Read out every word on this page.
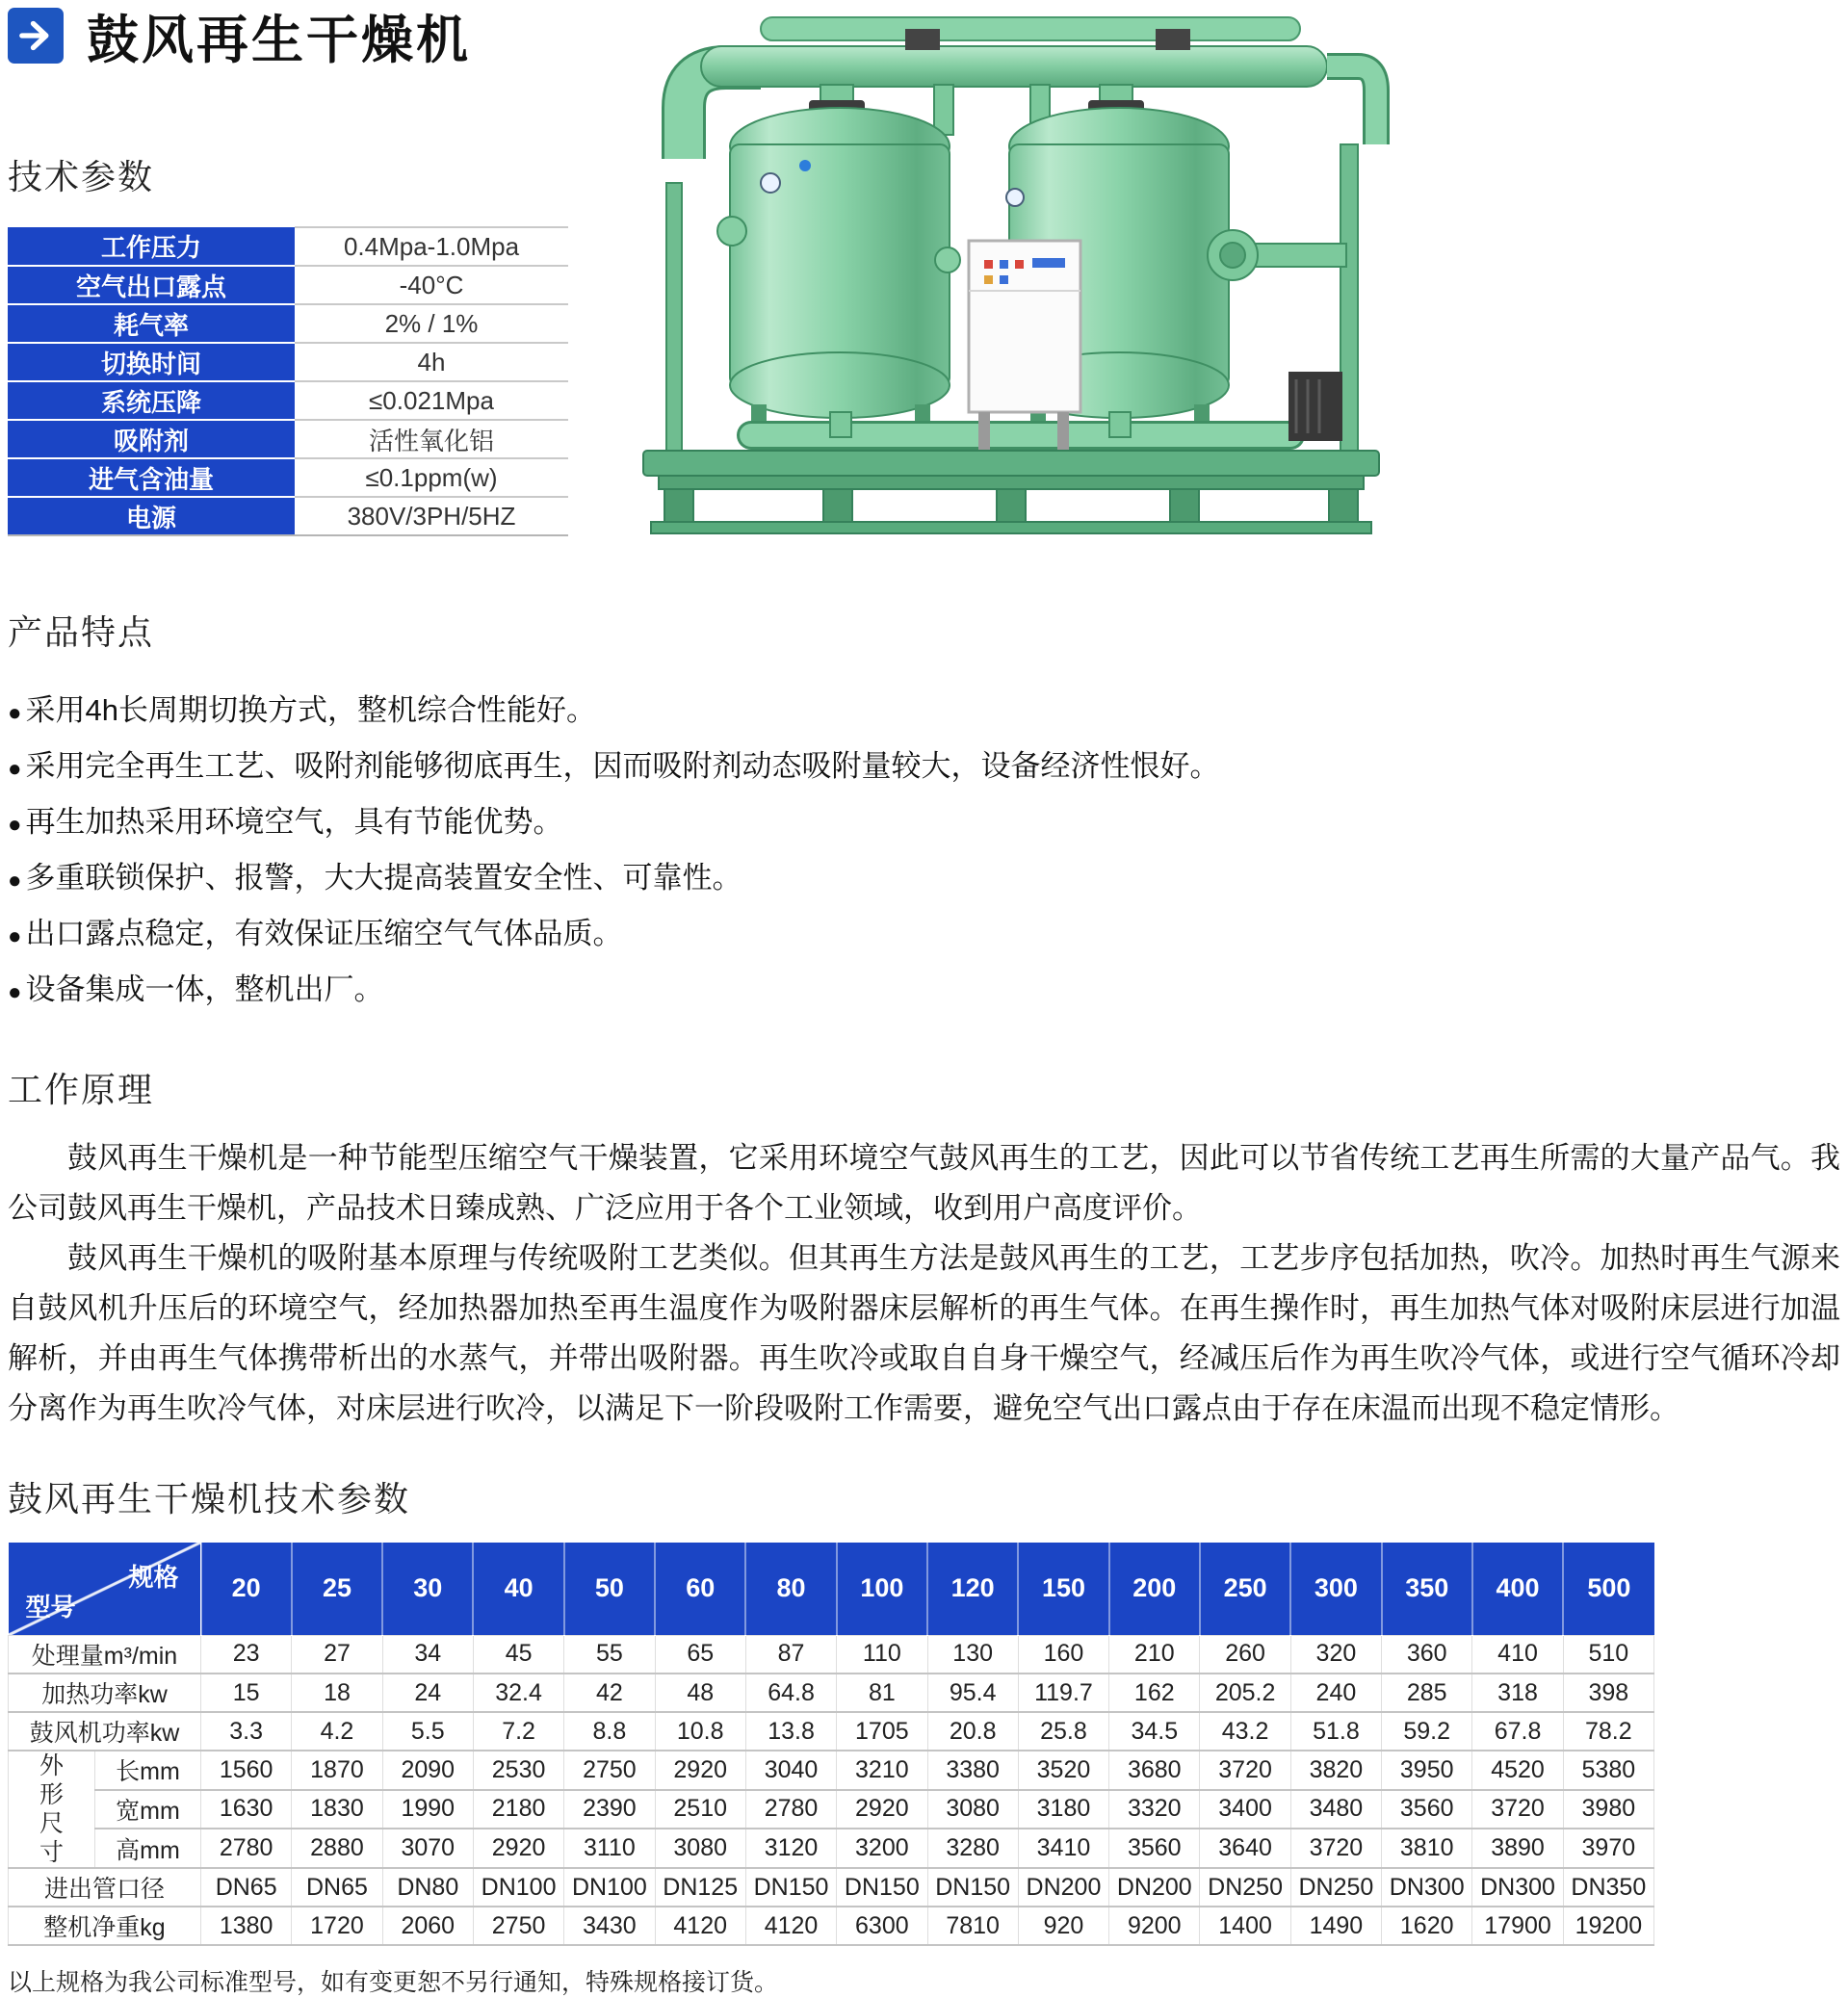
鼓风再生干燥机
技术参数
工作压力	0.4Mpa-1.0Mpa
空气出口露点	-40°C
耗气率	2% / 1%
切换时间	4h
系统压降	≤0.021Mpa
吸附剂	活性氧化铝
进气含油量	≤0.1ppm(w)
电源	380V/3PH/5HZ
产品特点
● 采用4h长周期切换方式，整机综合性能好。
● 采用完全再生工艺、吸附剂能够彻底再生，因而吸附剂动态吸附量较大，设备经济性恨好。
● 再生加热采用环境空气，具有节能优势。
● 多重联锁保护、报警，大大提高装置安全性、可靠性。
● 出口露点稳定，有效保证压缩空气气体品质。
● 设备集成一体，整机出厂。
工作原理

鼓风再生干燥机是一种节能型压缩空气干燥装置，它采用环境空气鼓风再生的工艺，因此可以节省传统工艺再生所需的大量产品气。我公司鼓风再生干燥机，产品技术日臻成熟、广泛应用于各个工业领域，收到用户高度评价。

鼓风再生干燥机的吸附基本原理与传统吸附工艺类似。但其再生方法是鼓风再生的工艺，工艺步序包括加热，吹冷。加热时再生气源来自鼓风机升压后的环境空气，经加热器加热至再生温度作为吸附器床层解析的再生气体。在再生操作时，再生加热气体对吸附床层进行加温解析，并由再生气体携带析出的水蒸气，并带出吸附器。再生吹冷或取自自身干燥空气，经减压后作为再生吹冷气体，或进行空气循环冷却分离作为再生吹冷气体，对床层进行吹冷，以满足下一阶段吸附工作需要，避免空气出口露点由于存在床温而出现不稳定情形。

鼓风再生干燥机技术参数
规格
型号		20	25	30	40	50	60	80	100	120	150	200	250	300	350	400	500
处理量m³/min		23	27	34	45	55	65	87	110	130	160	210	260	320	360	410	510
加热功率kw		15	18	24	32.4	42	48	64.8	81	95.4	119.7	162	205.2	240	285	318	398
鼓风机功率kw		3.3	4.2	5.5	7.2	8.8	10.8	13.8	1705	20.8	25.8	34.5	43.2	51.8	59.2	67.8	78.2
外形尺寸	长mm	1560	1870	2090	2530	2750	2920	3040	3210	3380	3520	3680	3720	3820	3950	4520	5380
	宽mm	1630	1830	1990	2180	2390	2510	2780	2920	3080	3180	3320	3400	3480	3560	3720	3980
	高mm	2780	2880	3070	2920	3110	3080	3120	3200	3280	3410	3560	3640	3720	3810	3890	3970
进出管口径		DN65	DN65	DN80	DN100	DN100	DN125	DN150	DN150	DN150	DN200	DN200	DN250	DN250	DN300	DN300	DN350
整机净重kg		1380	1720	2060	2750	3430	4120	4120	6300	7810	920	9200	1400	1490	1620	17900	19200

以上规格为我公司标准型号，如有变更恕不另行通知，特殊规格接订货。
